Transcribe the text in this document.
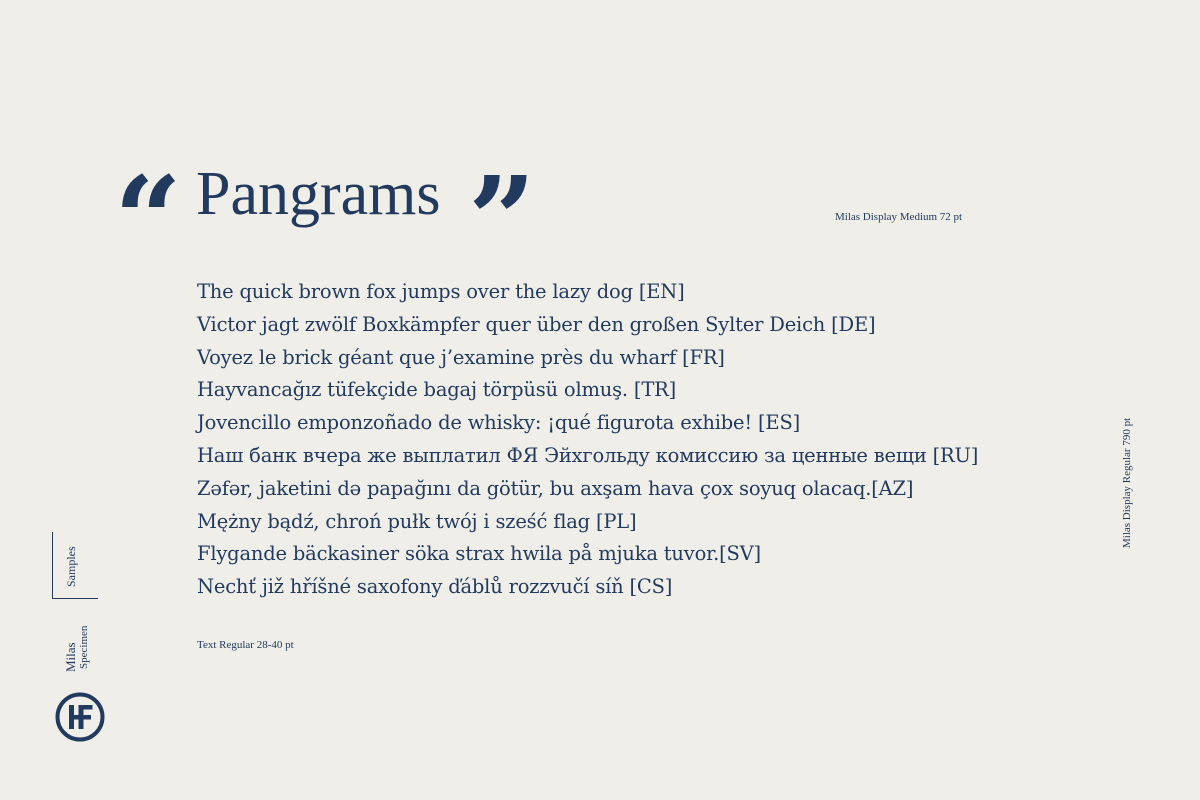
“ Pangrams ”	Milas Display Medium 72 pt
The quick brown fox jumps over the lazy dog [EN]
Victor jagt zwölf Boxkämpfer quer über den großen Sylter Deich [DE]
Voyez le brick géant que j’examine près du wharf [FR]
Hayvancağız tüfekçide bagaj törpüsü olmuş. [TR]
Jovencillo emponzoñado de whisky: ¡qué figurota exhibe! [ES]
Наш банк вчера же выплатил ФЯ Эйхгольду комиссию за ценные вещи [RU]
Zəfər, jaketini də papağını da götür, bu axşam hava çox soyuq olacaq.[AZ]
Mężny bądź, chroń pułk twój i sześć flag [PL]
Flygande bäckasiner söka strax hwila på mjuka tuvor.[SV]
Nechť již hříšné saxofony ďáblů rozzvučí síň [CS]
Text Regular 28-40 pt
Milas Display Regular 790 pt
Samples
Milas Specimen
